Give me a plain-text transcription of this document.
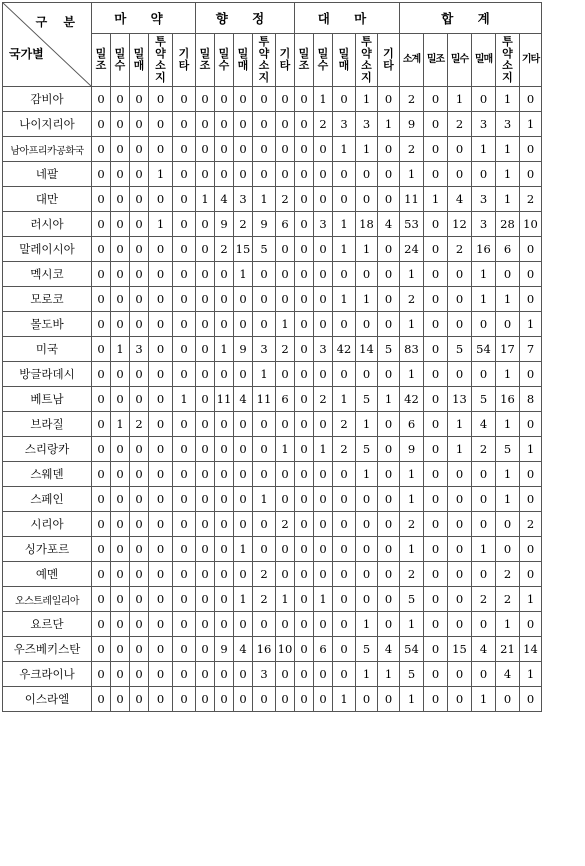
구 분
국가별	마 약					향 정					대 마					합 계					

	밀조	밀수	밀매	투약소지	기타	밀조	밀수	밀매	투약소지	기타	밀조	밀수	밀매	투약소지	기타	소계	밀조	밀수	밀매	투약소지	기타
감비아	0	0	0	0	0	0	0	0	0	0	0	1	0	1	0	2	0	1	0	1	0
나이지리아	0	0	0	0	0	0	0	0	0	0	0	2	3	3	1	9	0	2	3	3	1
남아프리카공화국	0	0	0	0	0	0	0	0	0	0	0	0	1	1	0	2	0	0	1	1	0
네팔	0	0	0	1	0	0	0	0	0	0	0	0	0	0	0	1	0	0	0	1	0
대만	0	0	0	0	0	1	4	3	1	2	0	0	0	0	0	11	1	4	3	1	2
러시아	0	0	0	1	0	0	9	2	9	6	0	3	1	18	4	53	0	12	3	28	10
말레이시아	0	0	0	0	0	0	2	15	5	0	0	0	1	1	0	24	0	2	16	6	0
멕시코	0	0	0	0	0	0	0	1	0	0	0	0	0	0	0	1	0	0	1	0	0
모로코	0	0	0	0	0	0	0	0	0	0	0	0	1	1	0	2	0	0	1	1	0
몰도바	0	0	0	0	0	0	0	0	0	1	0	0	0	0	0	1	0	0	0	0	1
미국	0	1	3	0	0	0	1	9	3	2	0	3	42	14	5	83	0	5	54	17	7
방글라데시	0	0	0	0	0	0	0	0	1	0	0	0	0	0	0	1	0	0	0	1	0
베트남	0	0	0	0	1	0	11	4	11	6	0	2	1	5	1	42	0	13	5	16	8
브라질	0	1	2	0	0	0	0	0	0	0	0	0	2	1	0	6	0	1	4	1	0
스리랑카	0	0	0	0	0	0	0	0	0	1	0	1	2	5	0	9	0	1	2	5	1
스웨덴	0	0	0	0	0	0	0	0	0	0	0	0	0	1	0	1	0	0	0	1	0
스페인	0	0	0	0	0	0	0	0	1	0	0	0	0	0	0	1	0	0	0	1	0
시리아	0	0	0	0	0	0	0	0	0	2	0	0	0	0	0	2	0	0	0	0	2
싱가포르	0	0	0	0	0	0	0	1	0	0	0	0	0	0	0	1	0	0	1	0	0
예멘	0	0	0	0	0	0	0	0	2	0	0	0	0	0	0	2	0	0	0	2	0
오스트레일리아	0	0	0	0	0	0	0	1	2	1	0	1	0	0	0	5	0	0	2	2	1
요르단	0	0	0	0	0	0	0	0	0	0	0	0	0	1	0	1	0	0	0	1	0
우즈베키스탄	0	0	0	0	0	0	9	4	16	10	0	6	0	5	4	54	0	15	4	21	14
우크라이나	0	0	0	0	0	0	0	0	3	0	0	0	0	1	1	5	0	0	0	4	1
이스라엘	0	0	0	0	0	0	0	0	0	0	0	0	1	0	0	1	0	0	1	0	0
